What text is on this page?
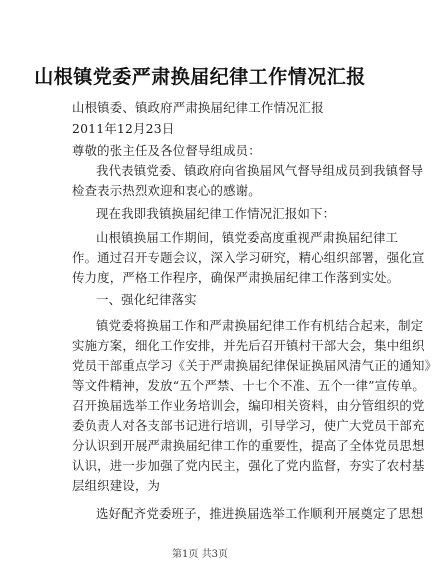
山根镇党委严肃换届纪律工作情况汇报
山根镇委、镇政府严肃换届纪律工作情况汇报
2011年12月23日
尊敬的张主任及各位督导组成员：
我代表镇党委、镇政府向省换届风气督导组成员到我镇督导
检查表示热烈欢迎和衷心的感谢。
现在我即我镇换届纪律工作情况汇报如下：
山根镇换届工作期间，镇党委高度重视严肃换届纪律工
作。通过召开专题会议，深入学习研究，精心组织部署，强化宣
传力度，严格工作程序，确保严肃换届纪律工作落到实处。
一、强化纪律落实
镇党委将换届工作和严肃换届纪律工作有机结合起来，制定
实施方案，细化工作安排，并先后召开镇村干部大会，集中组织
党员干部重点学习《关于严肃换届纪律保证换届风清气正的通知》
等文件精神，发放“五个严禁、十七个不准、五个一律”宣传单。
召开换届选举工作业务培训会，编印相关资料，由分管组织的党
委负责人对各支部书记进行培训，引导学习，使广大党员干部充
分认识到开展严肃换届纪律工作的重要性，提高了全体党员思想
认识，进一步加强了党内民主，强化了党内监督，夯实了农村基
层组织建设，为
选好配齐党委班子，推进换届选举工作顺利开展奠定了思想
第1页 共3页
